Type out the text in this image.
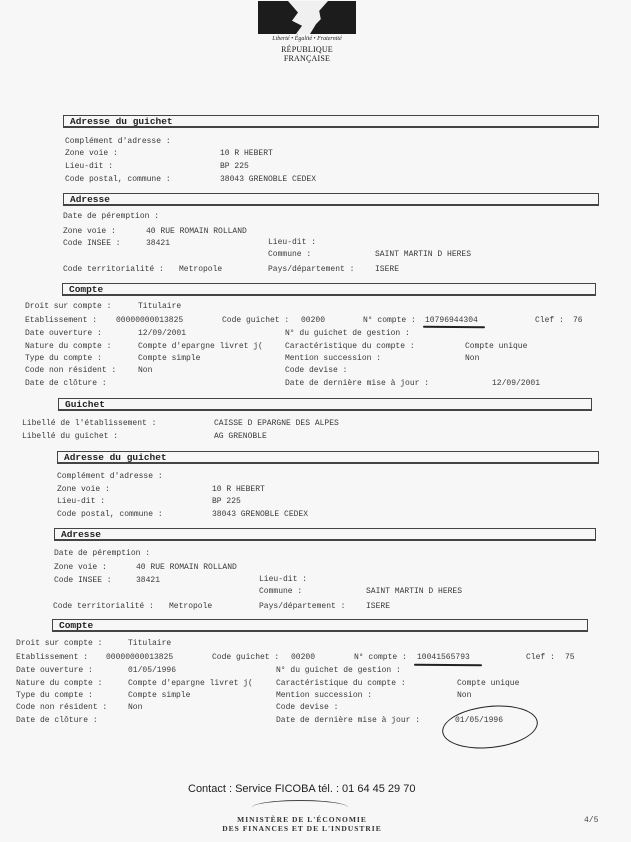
Liberté • Égalité • Fraternité
RÉPUBLIQUE FRANÇAISE
Adresse du guichet
Complément d'adresse :
Zone voie :	10 R HEBERT
Lieu-dit :	BP 225
Code postal, commune :	38043 GRENOBLE CEDEX
Adresse
Date de péremption :
Zone voie :	40 RUE ROMAIN ROLLAND
Code INSEE :	38421	Lieu-dit :
Commune :	SAINT MARTIN D HERES
Code territorialité : Metropole	Pays/département :	ISERE
Compte
Droit sur compte :	Titulaire
Etablissement : 00000000013825	Code guichet : 00200	N° compte : 10796944304	Clef : 76
Date ouverture :	12/09/2001	N° du guichet de gestion :
Nature du compte :	Compte d'epargne livret j(	Caractéristique du compte :	Compte unique
Type du compte :	Compte simple	Mention succession :	Non
Code non résident :	Non	Code devise :
Date de clôture :	Date de dernière mise à jour :	12/09/2001
Guichet
Libellé de l'établissement :	CAISSE D EPARGNE DES ALPES
Libellé du guichet :	AG GRENOBLE
Adresse du guichet
Complément d'adresse :
Zone voie :	10 R HEBERT
Lieu-dit :	BP 225
Code postal, commune :	38043 GRENOBLE CEDEX
Adresse
Date de péremption :
Zone voie :	40 RUE ROMAIN ROLLAND
Code INSEE :	38421	Lieu-dit :
Commune :	SAINT MARTIN D HERES
Code territorialité : Metropole	Pays/département :	ISERE
Compte
Droit sur compte :	Titulaire
Etablissement : 00000000013825	Code guichet : 00200	N° compte : 10041565793	Clef : 75
Date ouverture :	01/05/1996	N° du guichet de gestion :
Nature du compte :	Compte d'epargne livret j(	Caractéristique du compte :	Compte unique
Type du compte :	Compte simple	Mention succession :	Non
Code non résident :	Non	Code devise :
Date de clôture :	Date de dernière mise à jour :	01/05/1996
Contact : Service FICOBA tél. : 01 64 45 29 70
MINISTÈRE DE L'ÉCONOMIE
DES FINANCES ET DE L'INDUSTRIE
4/5
